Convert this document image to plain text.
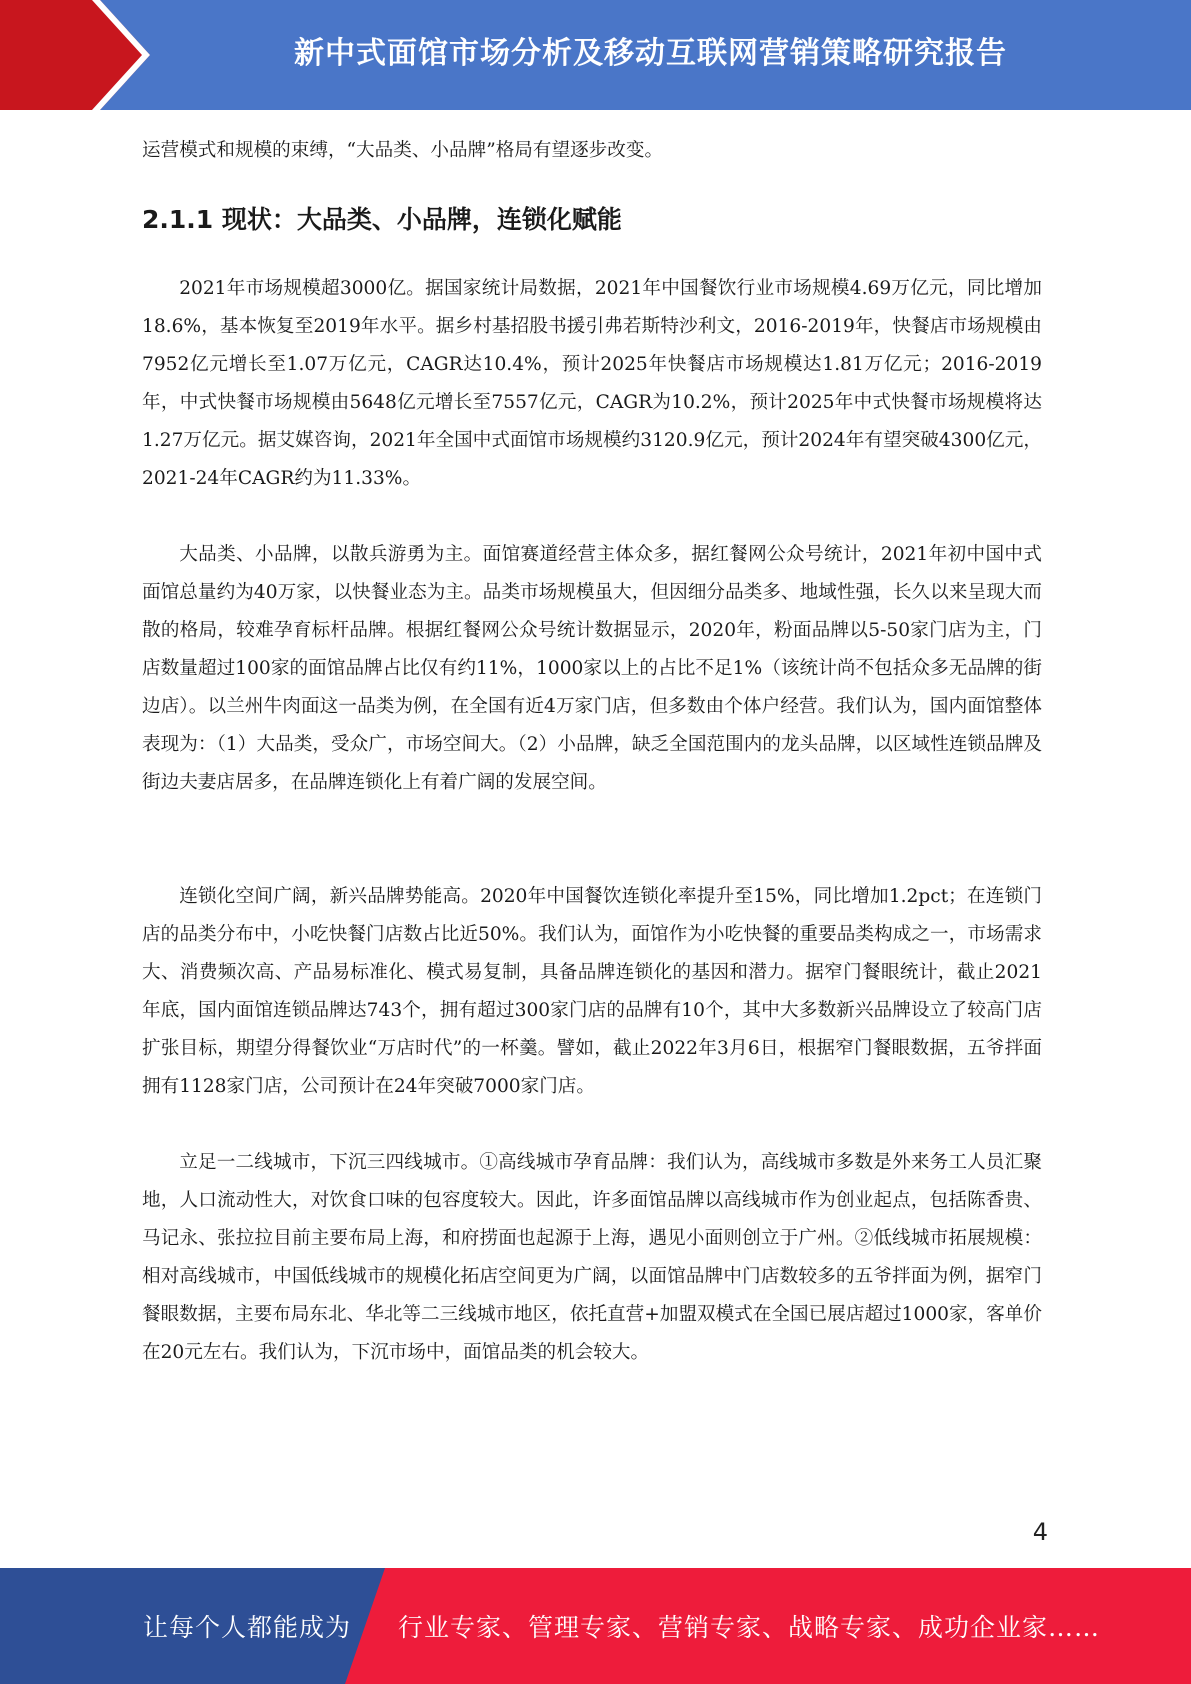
新中式面馆市场分析及移动互联网营销策略研究报告

运营模式和规模的束缚，“大品类、小品牌”格局有望逐步改变。

2.1.1 现状：大品类、小品牌，连锁化赋能

2021年市场规模超3000亿。据国家统计局数据，2021年中国餐饮行业市场规模4.69万亿元，同比增加18.6%，基本恢复至2019年水平。据乡村基招股书援引弗若斯特沙利文，2016-2019年，快餐店市场规模由7952亿元增长至1.07万亿元，CAGR达10.4%，预计2025年快餐店市场规模达1.81万亿元；2016-2019年，中式快餐市场规模由5648亿元增长至7557亿元，CAGR为10.2%，预计2025年中式快餐市场规模将达1.27万亿元。据艾媒咨询，2021年全国中式面馆市场规模约3120.9亿元，预计2024年有望突破4300亿元，2021-24年CAGR约为11.33%。

大品类、小品牌，以散兵游勇为主。面馆赛道经营主体众多，据红餐网公众号统计，2021年初中国中式面馆总量约为40万家，以快餐业态为主。品类市场规模虽大，但因细分品类多、地域性强，长久以来呈现大而散的格局，较难孕育标杆品牌。根据红餐网公众号统计数据显示，2020年，粉面品牌以5-50家门店为主，门店数量超过100家的面馆品牌占比仅有约11%，1000家以上的占比不足1%（该统计尚不包括众多无品牌的街边店）。以兰州牛肉面这一品类为例，在全国有近4万家门店，但多数由个体户经营。我们认为，国内面馆整体表现为：（1）大品类，受众广，市场空间大。（2）小品牌，缺乏全国范围内的龙头品牌，以区域性连锁品牌及街边夫妻店居多，在品牌连锁化上有着广阔的发展空间。

连锁化空间广阔，新兴品牌势能高。2020年中国餐饮连锁化率提升至15%，同比增加1.2pct；在连锁门店的品类分布中，小吃快餐门店数占比近50%。我们认为，面馆作为小吃快餐的重要品类构成之一，市场需求大、消费频次高、产品易标准化、模式易复制，具备品牌连锁化的基因和潜力。据窄门餐眼统计，截止2021年底，国内面馆连锁品牌达743个，拥有超过300家门店的品牌有10个，其中大多数新兴品牌设立了较高门店扩张目标，期望分得餐饮业“万店时代”的一杯羹。譬如，截止2022年3月6日，根据窄门餐眼数据，五爷拌面拥有1128家门店，公司预计在24年突破7000家门店。

立足一二线城市，下沉三四线城市。①高线城市孕育品牌：我们认为，高线城市多数是外来务工人员汇聚地，人口流动性大，对饮食口味的包容度较大。因此，许多面馆品牌以高线城市作为创业起点，包括陈香贵、马记永、张拉拉目前主要布局上海，和府捞面也起源于上海，遇见小面则创立于广州。②低线城市拓展规模：相对高线城市，中国低线城市的规模化拓店空间更为广阔，以面馆品牌中门店数较多的五爷拌面为例，据窄门餐眼数据，主要布局东北、华北等二三线城市地区，依托直营+加盟双模式在全国已展店超过1000家，客单价在20元左右。我们认为，下沉市场中，面馆品类的机会较大。

4
让每个人都能成为 行业专家、管理专家、营销专家、战略专家、成功企业家……
